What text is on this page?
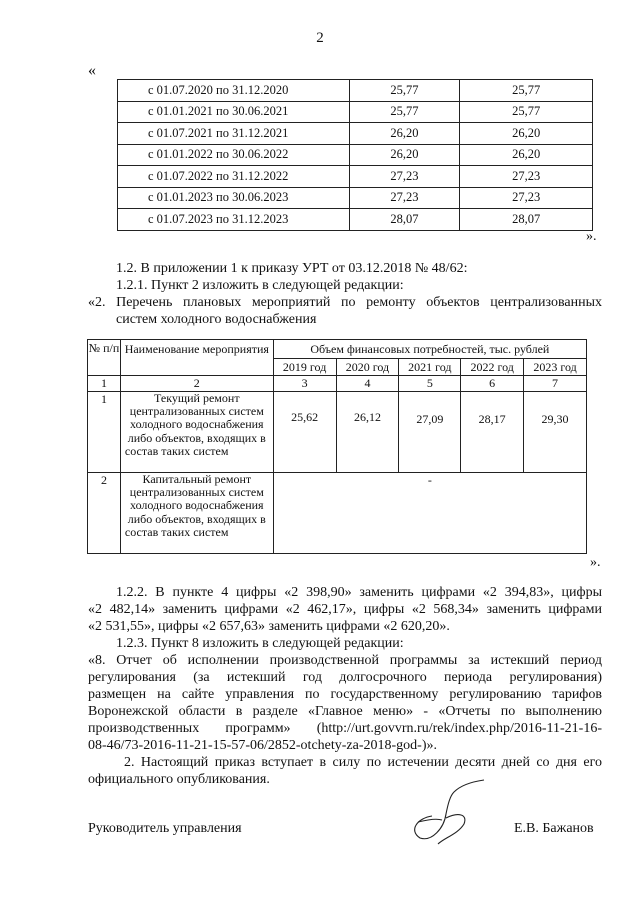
2
«
с 01.07.2020 по 31.12.2020	25,77	25,77
с 01.01.2021 по 30.06.2021	25,77	25,77
с 01.07.2021 по 31.12.2021	26,20	26,20
с 01.01.2022 по 30.06.2022	26,20	26,20
с 01.07.2022 по 31.12.2022	27,23	27,23
с 01.01.2023 по 30.06.2023	27,23	27,23
с 01.07.2023 по 31.12.2023	28,07	28,07
».
1.2. В приложении 1 к приказу УРТ от 03.12.2018 № 48/62:
1.2.1. Пункт 2 изложить в следующей редакции:
«2. Перечень плановых мероприятий по ремонту объектов централизованных
систем холодного водоснабжения
№ п/п	Наименование мероприятия	Объем финансовых потребностей, тыс. рублей				
		2019 год	2020 год	2021 год	2022 год	2023 год
1	2	3	4	5	6	7
1	Текущий ремонт централизованных систем холодного водоснабжения либо объектов, входящих в состав таких систем	25,62	26,12	27,09	28,17	29,30
2	Капитальный ремонт централизованных систем холодного водоснабжения либо объектов, входящих в состав таких систем	-				
».
1.2.2. В пункте 4 цифры «2 398,90» заменить цифрами «2 394,83», цифры
«2 482,14» заменить цифрами «2 462,17», цифры «2 568,34» заменить цифрами
«2 531,55», цифры «2 657,63» заменить цифрами «2 620,20».
1.2.3. Пункт 8 изложить в следующей редакции:
«8. Отчет об исполнении производственной программы за истекший период
регулирования (за истекший год долгосрочного периода регулирования)
размещен на сайте управления по государственному регулированию тарифов
Воронежской области в разделе «Главное меню» - «Отчеты по выполнению
производственных программ» (http://urt.govvrn.ru/rek/index.php/2016-11-21-16-
08-46/73-2016-11-21-15-57-06/2852-otchety-za-2018-god-)».
2. Настоящий приказ вступает в силу по истечении десяти дней со дня его
официального опубликования.
Руководитель управления	Е.В. Бажанов
